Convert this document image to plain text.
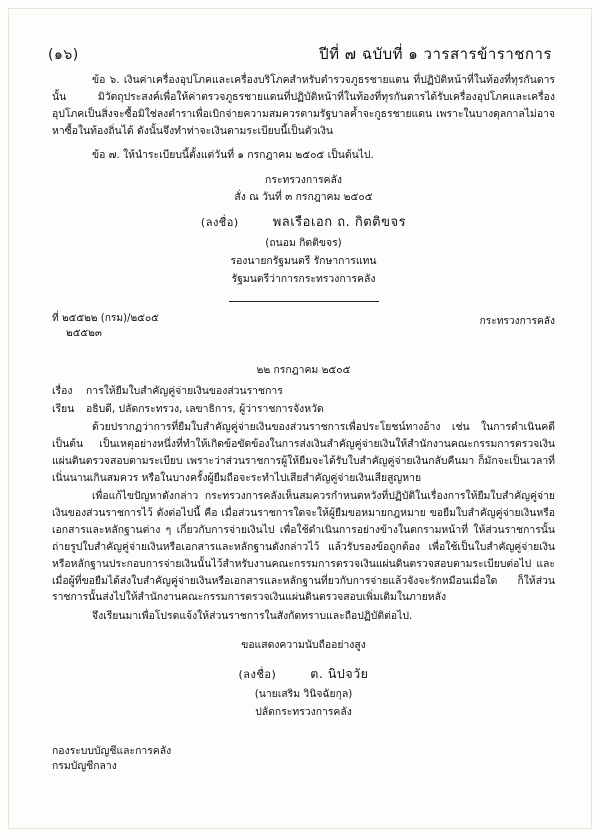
(๑๖)	ปีที่ ๗ ฉบับที่ ๑ วารสารข้าราชการ

ข้อ ๖. เงินค่าเครื่องอุปโภคและเครื่องบริโภคสำหรับตำรวจภูธรชายแดน ที่ปฏิบัติหน้าที่ในท้องที่ทุรกันดารนั้น มิวัตถุประสงค์เพื่อให้ค่าตรวจภูธรชายแดนที่ปฏิบัติหน้าที่ในท้องที่ทุรกันดารได้รับเครื่องอุปโภคและเครื่องอุปโภคเป็นสิ่งจะซื้อมิใช่ลงตำราเพื่อเบิกจ่ายความสมควรตามรัฐบาลค้ำจะกูธรชายแดน เพราะในบางดุลกาลไม่อาจหาซื้อในท้องถิ่นได้ ดังนั้นจึงทำท่าจะเงินตามระเบียบนี้เป็นตัวเงิน

ข้อ ๗. ให้นำระเบียบนี้ตั้งแต่วันที่ ๑ กรกฎาคม ๒๕๐๕ เป็นต้นไป.

กระทรวงการคลัง

สั่ง ณ วันที่ ๓ กรกฎาคม ๒๕๐๕

(ลงชื่อ)	พลเรือเอก ถ. กิตติขจร
(ถนอม กิตติขจร)
รองนายกรัฐมนตรี รักษาการแทน
รัฐมนตรีว่าการกระทรวงการคลัง
ที่ ๒๕๕๒๒ (กรม)/๒๕๐๕
๒๕๕๒๓
กระทรวงการคลัง
๒๒ กรกฎาคม ๒๕๐๕
เรื่อง	การให้ยืมใบสำคัญคู่จ่ายเงินของส่วนราชการ
เรียน	อธิบดี, ปลัดกระทรวง, เลขาธิการ, ผู้ว่าราชการจังหวัด

ด้วยปรากฏว่าการที่ยืมใบสำคัญคู่จ่ายเงินของส่วนราชการเพื่อประโยชน์ทางอ้าง เช่น ในการดำเนินคดีเป็นต้น เป็นเหตุอย่างหนึ่งที่ทำให้เกิดข้อขัดข้องในการส่งเงินสำคัญคู่จ่ายเงินให้สำนักงานคณะกรรมการตรวจเงินแผ่นดินตรวจสอบตามระเบียบ เพราะว่าส่วนราชการผู้ให้ยืมจะได้รับใบสำคัญคู่จ่ายเงินกลับคืนมา ก็มักจะเป็นเวลาที่เนิ่นนานเกินสมควร หรือในบางครั้งผู้ยืมถือจะระทำไปเสียสำคัญคู่จ่ายเงินเสียสูญหาย

เพื่อแก้ไขปัญหาดังกล่าว กระทรวงการคลังเห็นสมควรกำหนดหวังที่ปฏิบัติในเรื่องการให้ยืมใบสำคัญคู่จ่ายเงินของส่วนราชการไว้ ดังต่อไปนี้ คือ เมื่อส่วนราชการใดจะให้ผู้ยืมขอหมายกฎหมาย ขอยืมใบสำคัญคู่จ่ายเงินหรือเอกสารและหลักฐานต่าง ๆ เกี่ยวกับการจ่ายเงินไป เพื่อใช้ดำเนินการอย่างข้างในตกรามหน้าที่ ให้ส่วนราชการนั้นถ่ายรูปใบสำคัญคู่จ่ายเงินหรือเอกสารและหลักฐานดังกล่าวไว้ แล้วรับรองข้อถูกต้อง เพื่อใช้เป็นใบสำคัญคู่จ่ายเงินหรือหลักฐานประกอบการจ่ายเงินนั้นไว้สำหรับงานคณะกรรมการตรวจเงินแผ่นดินตรวจสอบตามระเบียบต่อไป และเมื่อผู้ที่ขอยืมได้ส่งใบสำคัญคู่จ่ายเงินหรือเอกสารและหลักฐานที่ยวกับการจ่ายแล้วจังจะรักหมือนเมื่อใด ก็ให้ส่วนราชการนั้นส่งไปให้สำนักงานคณะกรรมการตรวจเงินแผ่นดินตรวจสอบเพิ่มเติมในภายหลัง

จึงเรียนมาเพื่อโปรดแจ้งให้ส่วนราชการในสังกัดทราบและถือปฏิบัติต่อไป.

ขอแสดงความนับถืออย่างสูง
(ลงชื่อ)	ต. นิปจวัย
(นายเสริม วินิจฉัยกุล)
ปลัดกระทรวงการคลัง
กองระบบบัญชีและการคลัง
กรมบัญชีกลาง
